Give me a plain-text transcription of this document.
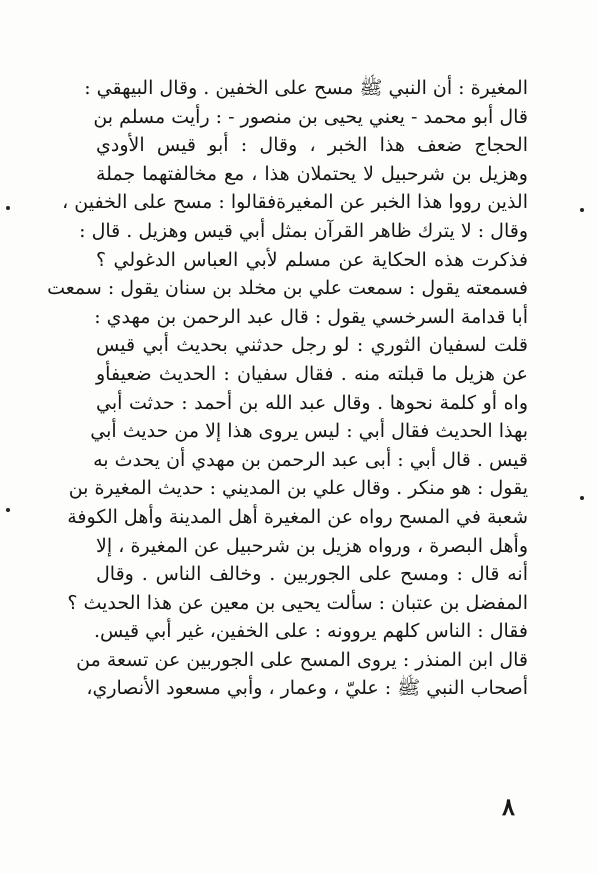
المغيرة : أن النبي ﷺ مسح على الخفين . وقال البيهقي :
قال أبو محمد - يعني يحيى بن منصور - : رأيت مسلم بن
الحجاج ضعف هذا الخبر ، وقال : أبو قيس الأودي
وهزيل بن شرحبيل لا يحتملان هذا ، مع مخالفتهما جملة
الذين رووا هذا الخبر عن المغيرةفقالوا : مسح على الخفين ،
وقال : لا يترك ظاهر القرآن بمثل أبي قيس وهزيل . قال :
فذكرت هذه الحكاية عن مسلم لأبي العباس الدغولي ؟
فسمعته يقول : سمعت علي بن مخلد بن سنان يقول : سمعت
أبا قدامة السرخسي يقول : قال عبد الرحمن بن مهدي :
قلت لسفيان الثوري : لو رجل حدثني بحديث أبي قيس
عن هزيل ما قبلته منه . فقال سفيان : الحديث ضعيفأو
واه أو كلمة نحوها . وقال عبد الله بن أحمد : حدثت أبي
بهذا الحديث فقال أبي : ليس يروى هذا إلا من حديث أبي
قيس . قال أبي : أبى عبد الرحمن بن مهدي أن يحدث به
يقول : هو منكر . وقال علي بن المديني : حديث المغيرة بن
شعبة في المسح رواه عن المغيرة أهل المدينة وأهل الكوفة
وأهل البصرة ، ورواه هزيل بن شرحبيل عن المغيرة ، إلا
أنه قال : ومسح على الجوربين . وخالف الناس . وقال
المفضل بن عتبان : سألت يحيى بن معين عن هذا الحديث ؟
فقال : الناس كلهم يروونه : على الخفين، غير أبي قيس.
قال ابن المنذر : يروى المسح على الجوربين عن تسعة من
أصحاب النبي ﷺ : عليّ ، وعمار ، وأبي مسعود الأنصاري،
٨
